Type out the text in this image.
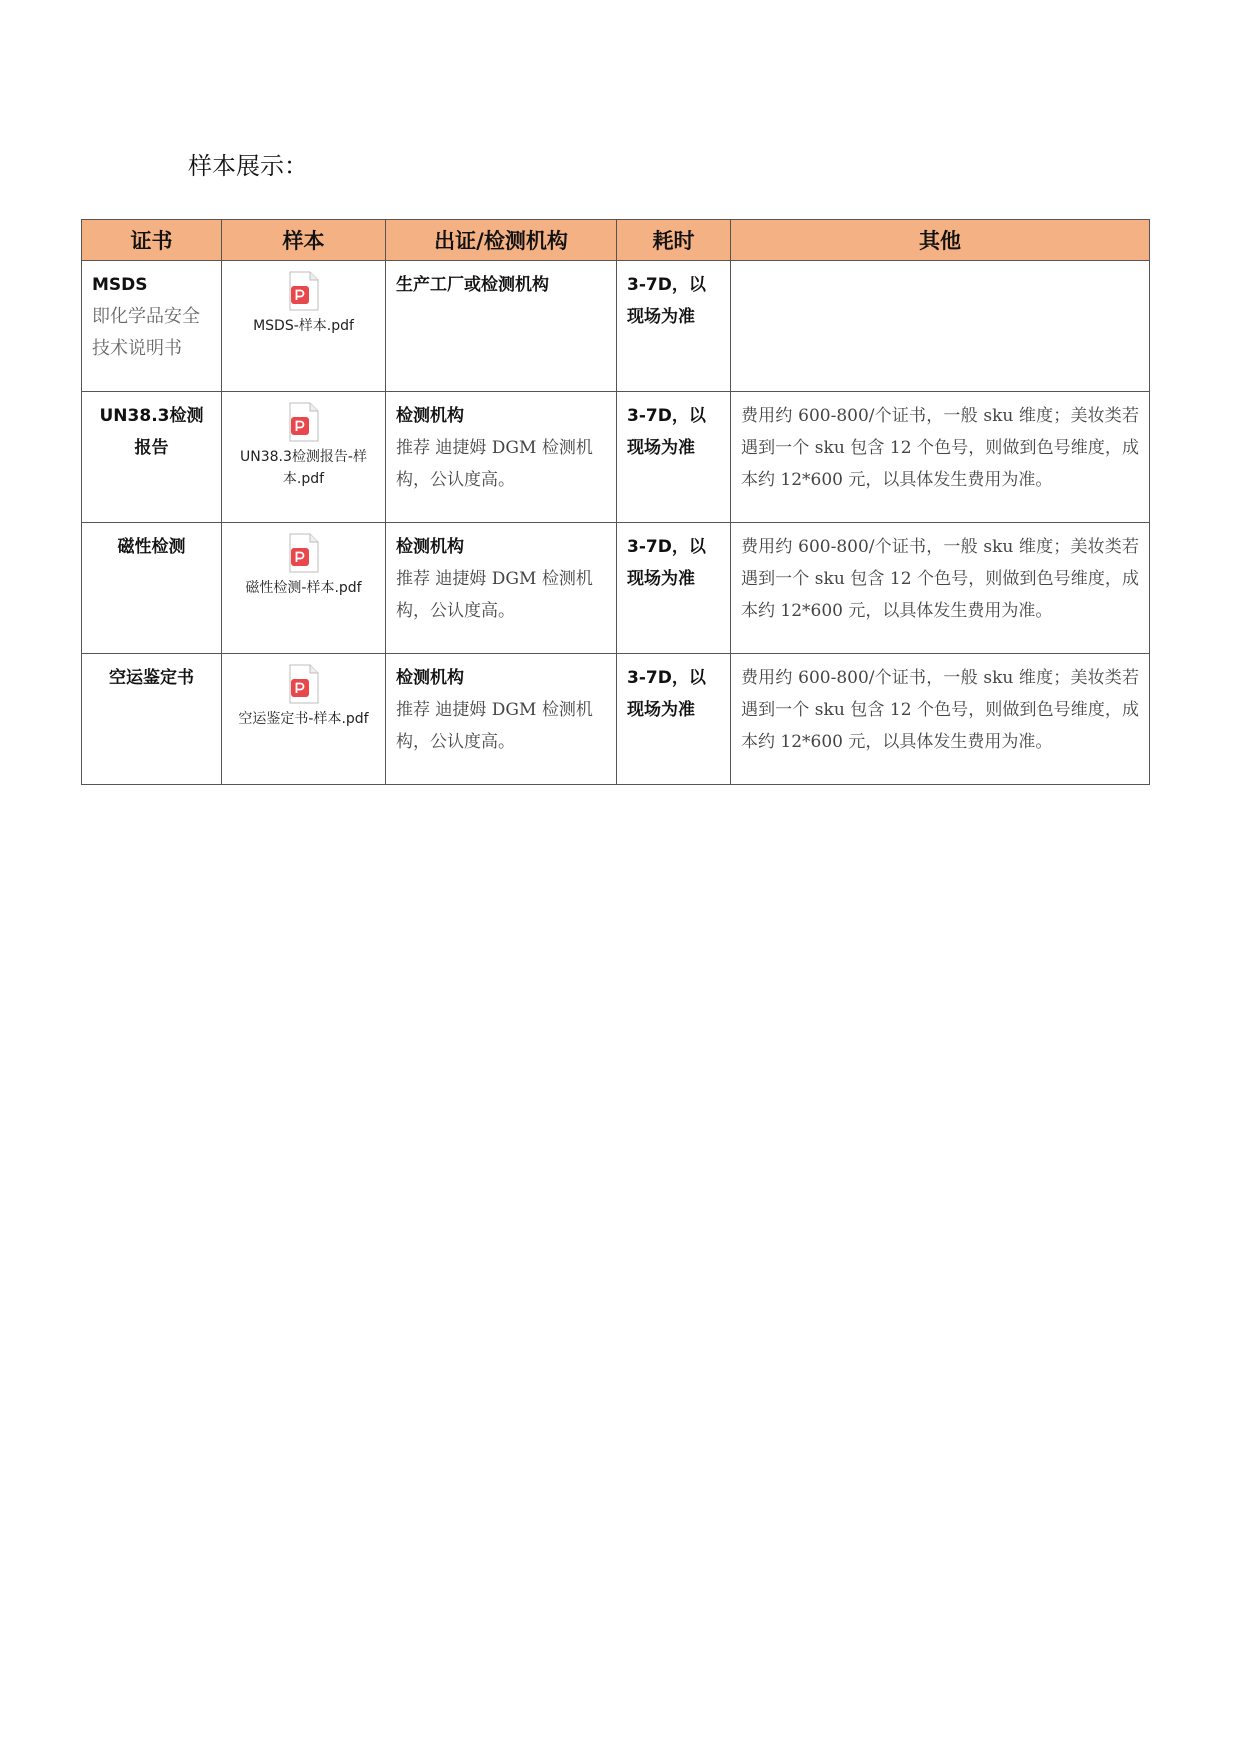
样本展示：
证书	样本	出证/检测机构	耗时	其他

MSDS
即化学品安全技术说明书	MSDS-样本.pdf	生产工厂或检测机构	3-7D，以现场为准	

UN38.3检测报告	UN38.3检测报告-样本.pdf	检测机构
推荐 迪捷姆 DGM 检测机构，公认度高。	3-7D，以现场为准	费用约 600-800/个证书，一般 sku 维度；美妆类若遇到一个 sku 包含 12 个色号，则做到色号维度，成本约 12*600 元，以具体发生费用为准。

磁性检测	磁性检测-样本.pdf	检测机构
推荐 迪捷姆 DGM 检测机构，公认度高。	3-7D，以现场为准	费用约 600-800/个证书，一般 sku 维度；美妆类若遇到一个 sku 包含 12 个色号，则做到色号维度，成本约 12*600 元，以具体发生费用为准。

空运鉴定书	空运鉴定书-样本.pdf	检测机构
推荐 迪捷姆 DGM 检测机构，公认度高。	3-7D，以现场为准	费用约 600-800/个证书，一般 sku 维度；美妆类若遇到一个 sku 包含 12 个色号，则做到色号维度，成本约 12*600 元，以具体发生费用为准。
